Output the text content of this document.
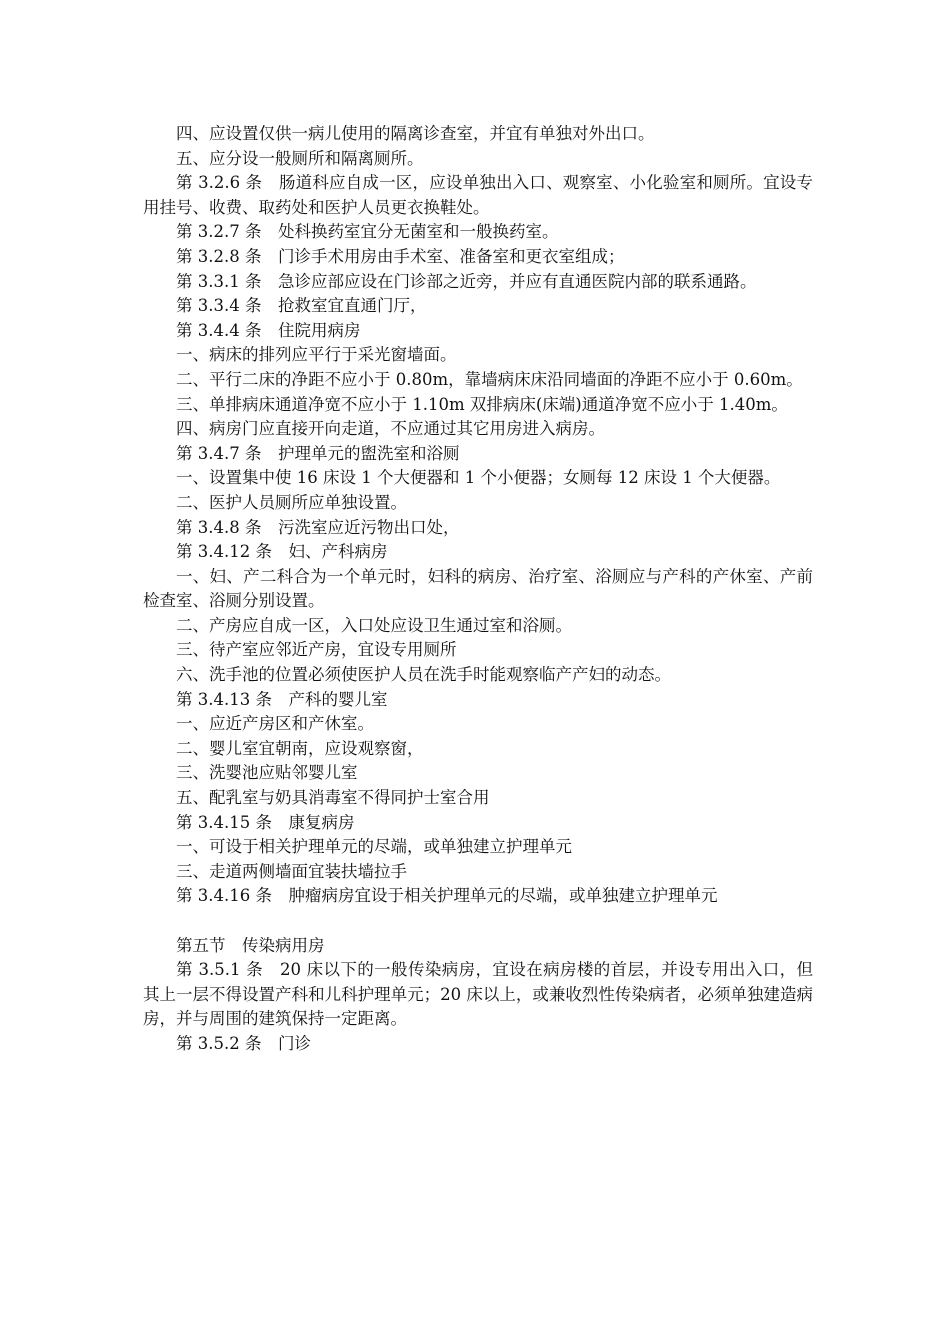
四、应设置仅供一病儿使用的隔离诊查室，并宜有单独对外出口。

五、应分设一般厕所和隔离厕所。

第 3.2.6 条　肠道科应自成一区，应设单独出入口、观察室、小化验室和厕所。宜设专用挂号、收费、取药处和医护人员更衣换鞋处。

第 3.2.7 条　处科换药室宜分无菌室和一般换药室。

第 3.2.8 条　门诊手术用房由手术室、准备室和更衣室组成；

第 3.3.1 条　急诊应部应设在门诊部之近旁，并应有直通医院内部的联系通路。

第 3.3.4 条　抢救室宜直通门厅，

第 3.4.4 条　住院用病房

一、病床的排列应平行于采光窗墙面。

二、平行二床的净距不应小于 0.80m，靠墙病床床沿同墙面的净距不应小于 0.60m。

三、单排病床通道净宽不应小于 1.10m 双排病床(床端)通道净宽不应小于 1.40m。

四、病房门应直接开向走道，不应通过其它用房进入病房。

第 3.4.7 条　护理单元的盥洗室和浴厕

一、设置集中使 16 床设 1 个大便器和 1 个小便器；女厕每 12 床设 1 个大便器。

二、医护人员厕所应单独设置。

第 3.4.8 条　污洗室应近污物出口处，

第 3.4.12 条　妇、产科病房

一、妇、产二科合为一个单元时，妇科的病房、治疗室、浴厕应与产科的产休室、产前检查室、浴厕分别设置。

二、产房应自成一区，入口处应设卫生通过室和浴厕。

三、待产室应邻近产房，宜设专用厕所

六、洗手池的位置必须使医护人员在洗手时能观察临产产妇的动态。

第 3.4.13 条　产科的婴儿室

一、应近产房区和产休室。

二、婴儿室宜朝南，应设观察窗，

三、洗婴池应贴邻婴儿室

五、配乳室与奶具消毒室不得同护士室合用

第 3.4.15 条　康复病房

一、可设于相关护理单元的尽端，或单独建立护理单元

三、走道两侧墙面宜装扶墙拉手

第 3.4.16 条　肿瘤病房宜设于相关护理单元的尽端，或单独建立护理单元

第五节　传染病用房

第 3.5.1 条　20 床以下的一般传染病房，宜设在病房楼的首层，并设专用出入口，但其上一层不得设置产科和儿科护理单元；20 床以上，或兼收烈性传染病者，必须单独建造病房，并与周围的建筑保持一定距离。

第 3.5.2 条　门诊
